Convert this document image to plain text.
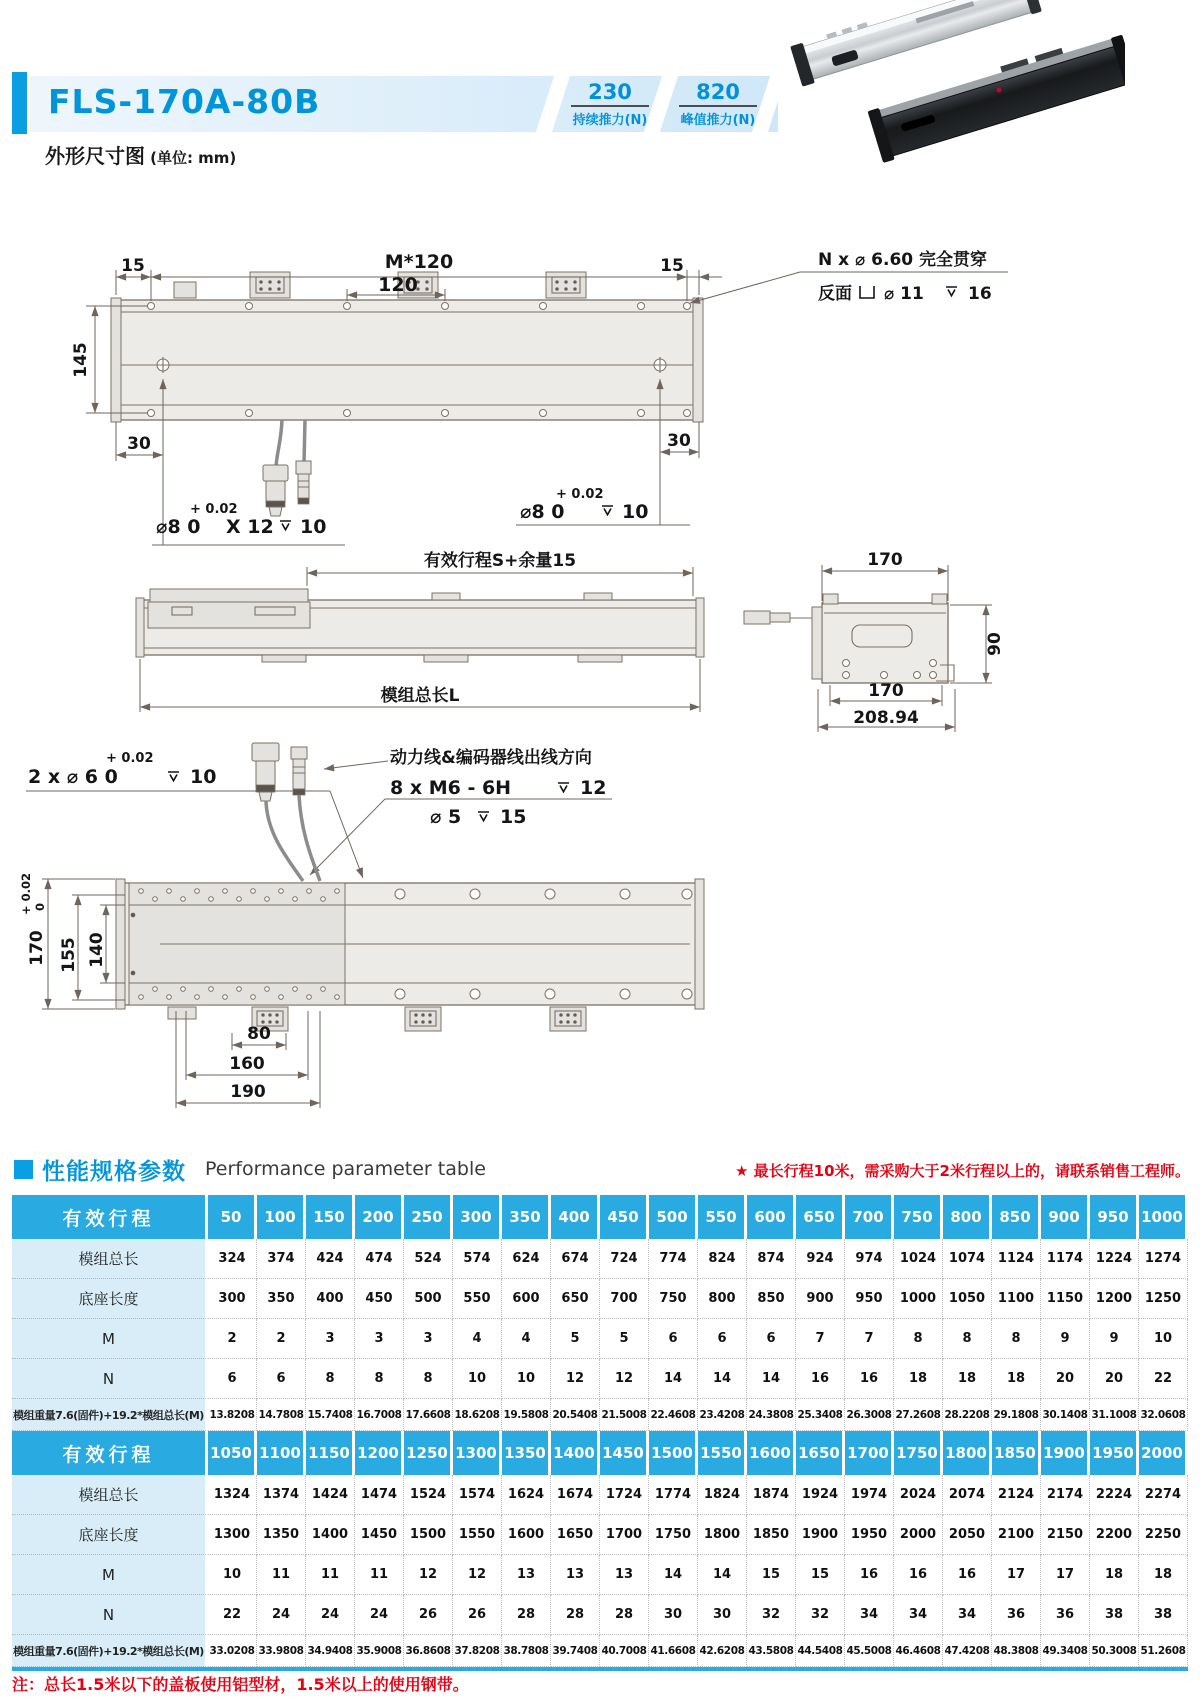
FLS-170A-80B	230
持续推力(N)
820
峰值推力(N)
外形尺寸图 (单位: mm)
15	M*120	15
120
145
30	30
N x ⌀ 6.60 完全贯穿
反面 ⌀ 11	16
⌀8 0
+ 0.02
X 12 10
⌀8 0
+ 0.02
10
有效行程S+余量15
模组总长L
170
90
170
208.94
+ 0.02
2 x ⌀ 6 0	10
动力线&编码器线出线方向
8 x M6 - 6H	12
⌀ 5 15
170
+ 0.02 0
155 140
80
160
190
性能规格参数 Performance parameter table	★ 最长行程10米，需采购大于2米行程以上的，请联系销售工程师。
有效行程	50	100	150	200	250	300	350	400	450	500	550	600	650	700	750	800	850	900	950 1000
模组总长	324	374	424	474	524	574	624	674	724	774	824	874	924	974	1024 1074 1124 1174 1224 1274
底座长度	300	350	400	450	500	550	600	650	700	750	800	850	900	950	1000 1050 1100 1150 1200 1250
M	2	2	3	3	3	4	4	5	5	6	6	6	7	7	8	8	8	9	9	10
N	6	6	8	8	8	10	10	12	12	14	14	14	16	16	18	18	18	20	20	22
模组重量7.6(固件)+19.2*模组总长(M) 13.8208 14.7808 15.7408 16.7008 17.6608 18.6208 19.5808 20.5408 21.5008 22.4608 23.4208 24.3808 25.3408 26.3008 27.2608 28.2208 29.1808 30.1408 31.1008 32.0608
有效行程	1050 1100 1150 1200 1250 1300 1350 1400 1450 1500 1550 1600 1650 1700 1750 1800 1850 1900 1950 2000
模组总长	1324 1374 1424 1474 1524 1574 1624 1674 1724 1774 1824 1874 1924 1974 2024 2074 2124 2174 2224 2274
底座长度	1300 1350 1400 1450 1500 1550 1600 1650 1700 1750 1800 1850 1900 1950 2000 2050 2100 2150 2200 2250
M	10	11	11	11	12	12	13	13	13	14	14	15	15	16	16	16	17	17	18	18
N	22	24	24	24	26	26	28	28	28	30	30	32	32	34	34	34	36	36	38	38
模组重量7.6(固件)+19.2*模组总长(M) 33.0208 33.9808 34.9408 35.9008 36.8608 37.8208 38.7808 39.7408 40.7008 41.6608 42.6208 43.5808 44.5408 45.5008 46.4608 47.4208 48.3808 49.3408 50.3008 51.2608
注：总长1.5米以下的盖板使用铝型材，1.5米以上的使用钢带。
